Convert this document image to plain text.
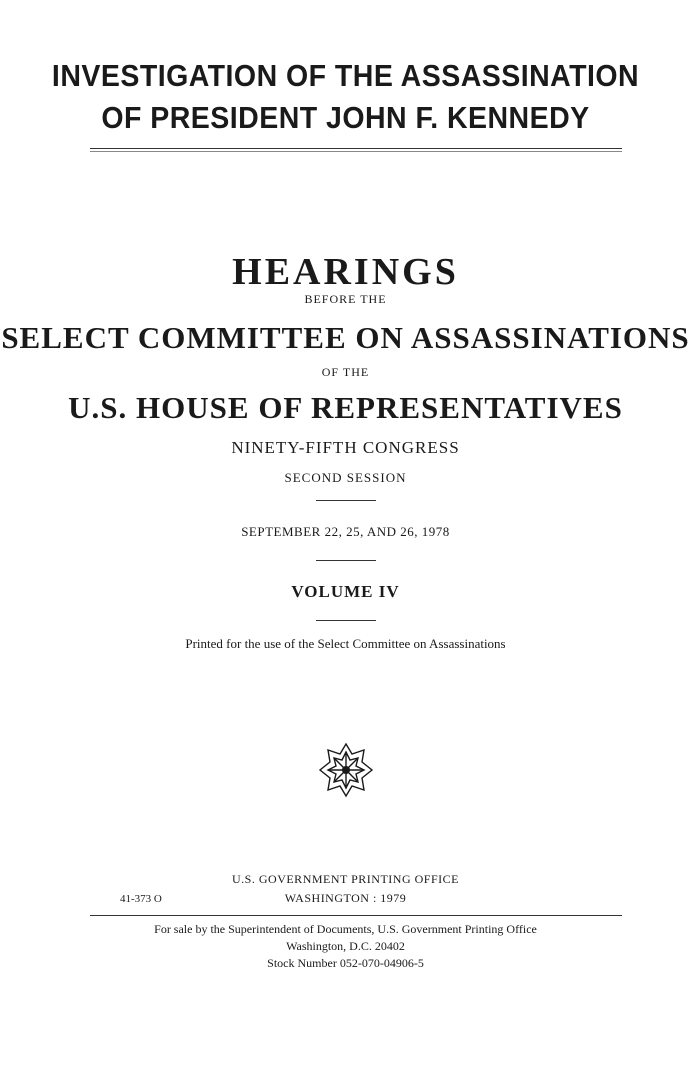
INVESTIGATION OF THE ASSASSINATION
OF PRESIDENT JOHN F. KENNEDY
HEARINGS
BEFORE THE
SELECT COMMITTEE ON ASSASSINATIONS
OF THE
U.S. HOUSE OF REPRESENTATIVES
NINETY-FIFTH CONGRESS
SECOND SESSION
SEPTEMBER 22, 25, AND 26, 1978
VOLUME IV
Printed for the use of the Select Committee on Assassinations
U.S. GOVERNMENT PRINTING OFFICE
WASHINGTON : 1979
41-373 O
For sale by the Superintendent of Documents, U.S. Government Printing Office
Washington, D.C. 20402
Stock Number 052-070-04906-5
